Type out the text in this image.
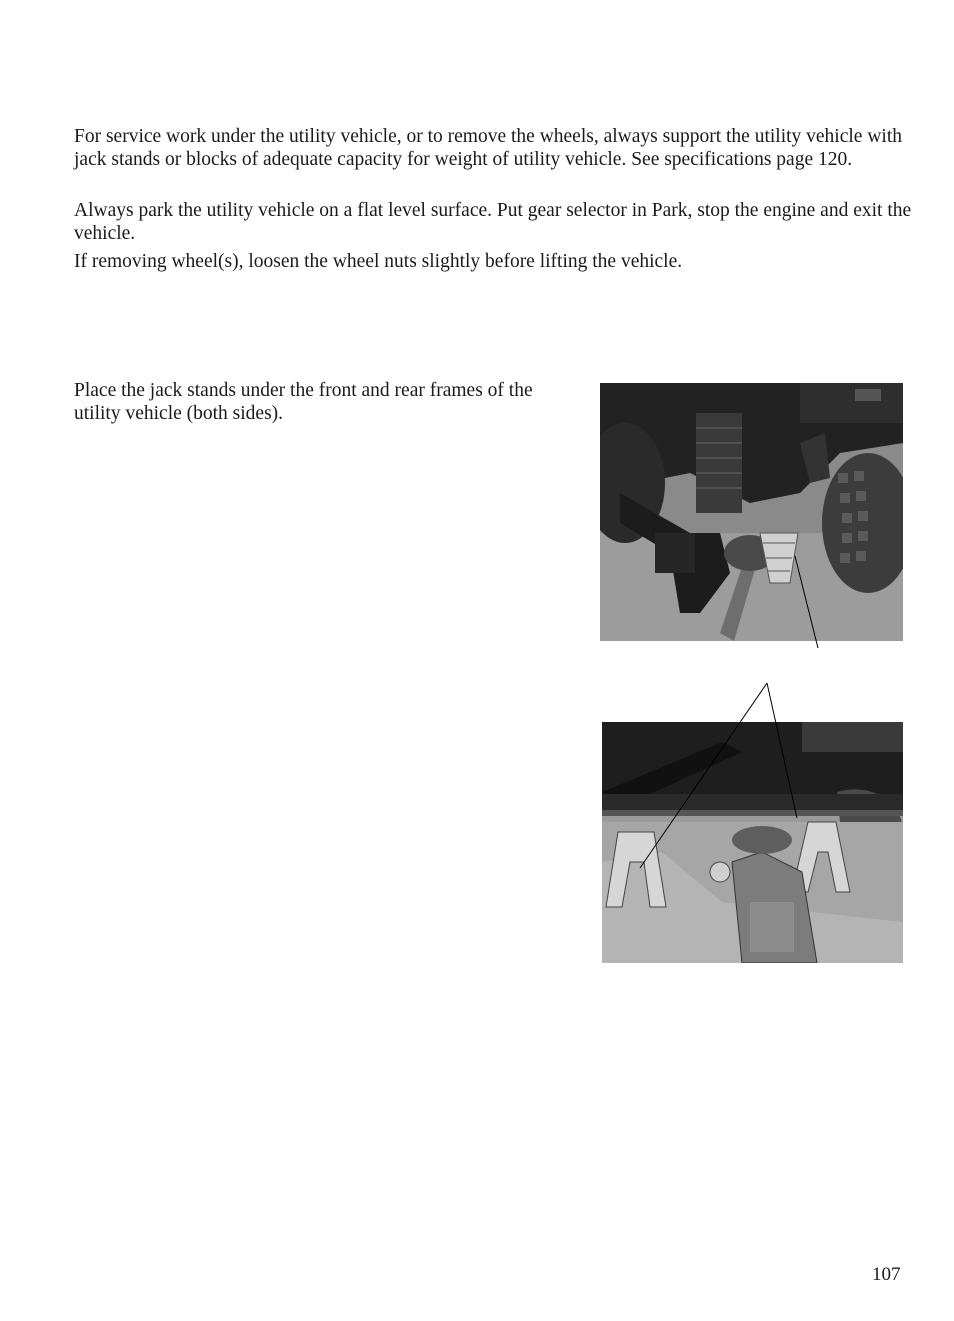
For service work under the utility vehicle, or to remove the wheels, always support the utility vehicle with jack stands or blocks of adequate capacity for weight of utility vehicle. See specifications page 120.

Always park the utility vehicle on a flat level surface. Put gear selector in Park, stop the engine and exit the vehicle.

If removing wheel(s), loosen the wheel nuts slightly before lifting the vehicle.

Place the jack stands under the front and rear frames of the utility vehicle (both sides).

107
